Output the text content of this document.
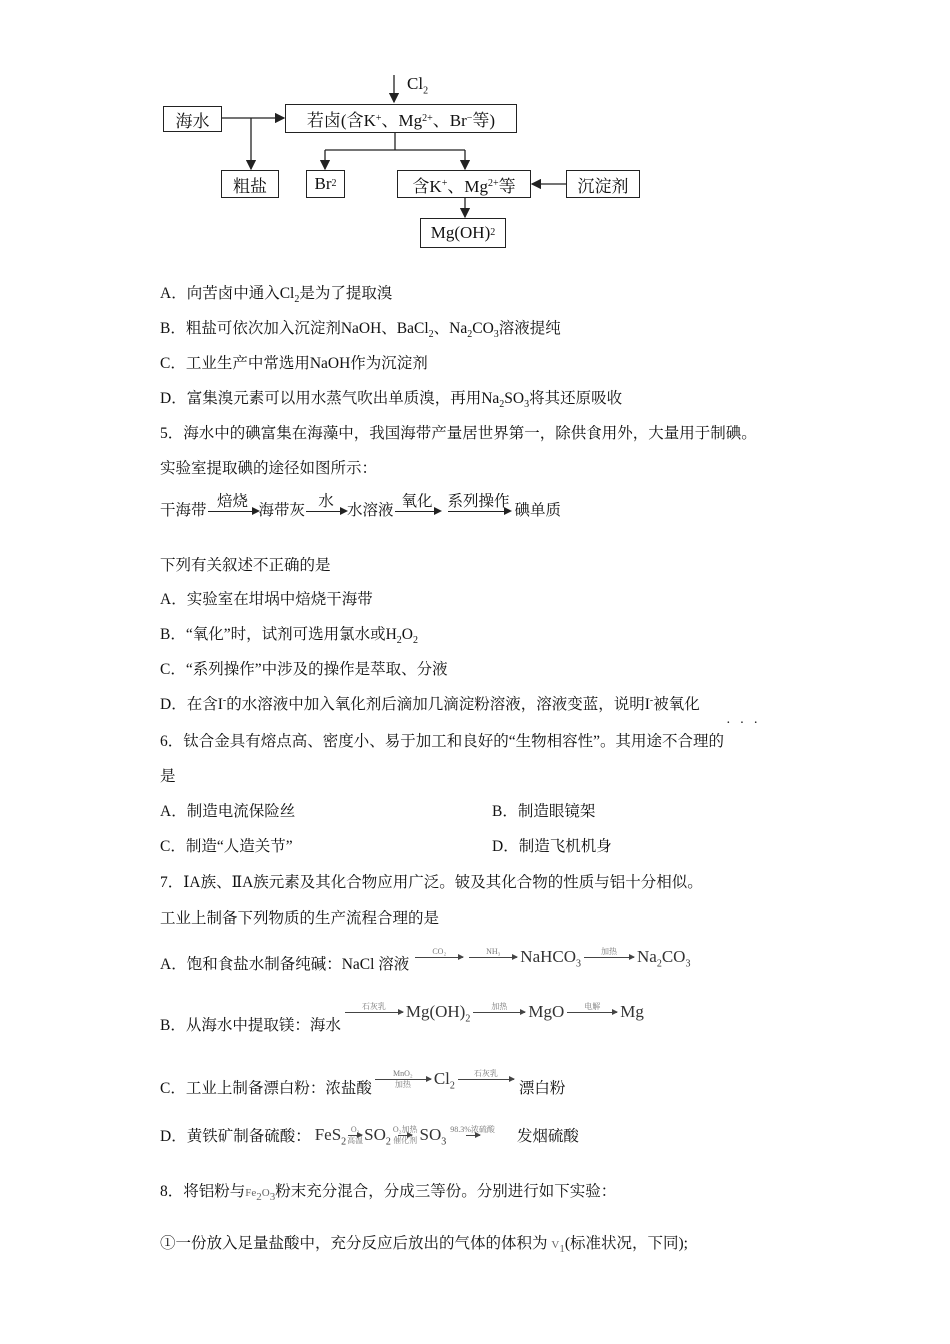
$Cl_2$
海水	若卤(含K + 、Mg 2+ 、Br − 等)
粗盐	Br 2	含K + 、Mg 2+ 等	沉淀剂
Mg(OH) 2
A．向苦卤中通入$Cl_2$是为了提取溴
B．粗盐可依次加入沉淀剂NaOH、BaCl$_2$、$Na_2CO_3$溶液提纯
C．工业生产中常选用NaOH作为沉淀剂
D．富集溴元素可以用水蒸气吹出单质溴，再用$Na_2SO_3$将其还原吸收
5．海水中的碘富集在海藻中，我国海带产量居世界第一，除供食用外，大量用于制碘。
实验室提取碘的途径如图所示：
下列有关叙述不正确的是
A．实验室在坩埚中焙烧干海带
B．“氧化”时，试剂可选用氯水或$H_2O_2$
C．“系列操作”中涉及的操作是萃取、分液
D．在含I-的水溶液中加入氧化剂后滴加几滴淀粉溶液，溶液变蓝，说明I-被氧化
6．钛合金具有熔点高、密度小、易于加工和良好的“生物相容性”。其用途不合理的
是
A．制造电流保险丝
C．制造“人造关节”
7．ⅠA族、ⅡA族元素及其化合物应用广泛。铍及其化合物的性质与铝十分相似。
工业上制备下列物质的生产流程合理的是
8．将铝粉与$Fe_2O_3$粉末充分混合，分成三等份。分别进行如下实验：
①一份放入足量盐酸中，充分反应后放出的气体的体积为 $V_1$(标准状况，下同);
B．制造眼镜架
D．制造飞机机身
···
干海带
焙烧
海带灰
水
水溶液
氧化 系列操作
碘单质
A．饱和食盐水制备纯碱：NaCl 溶液
CO₂	NH₃ NaHCO$_3$
加热 $Na_2CO_3$
B．从海水中提取镁：海水
石灰乳 $Mg(OH)_2$
加热 MgO	电解 Mg
C．工业上制备漂白粉：浓盐酸
MnO₂
加热 $Cl_2$
石灰乳
漂白粉
D．黄铁矿制备硫酸： FeS$_2$
O₂
高温 $SO_2$
O₂加热
催化剂 $SO_3$
98.3%浓硫酸 发烟硫酸
